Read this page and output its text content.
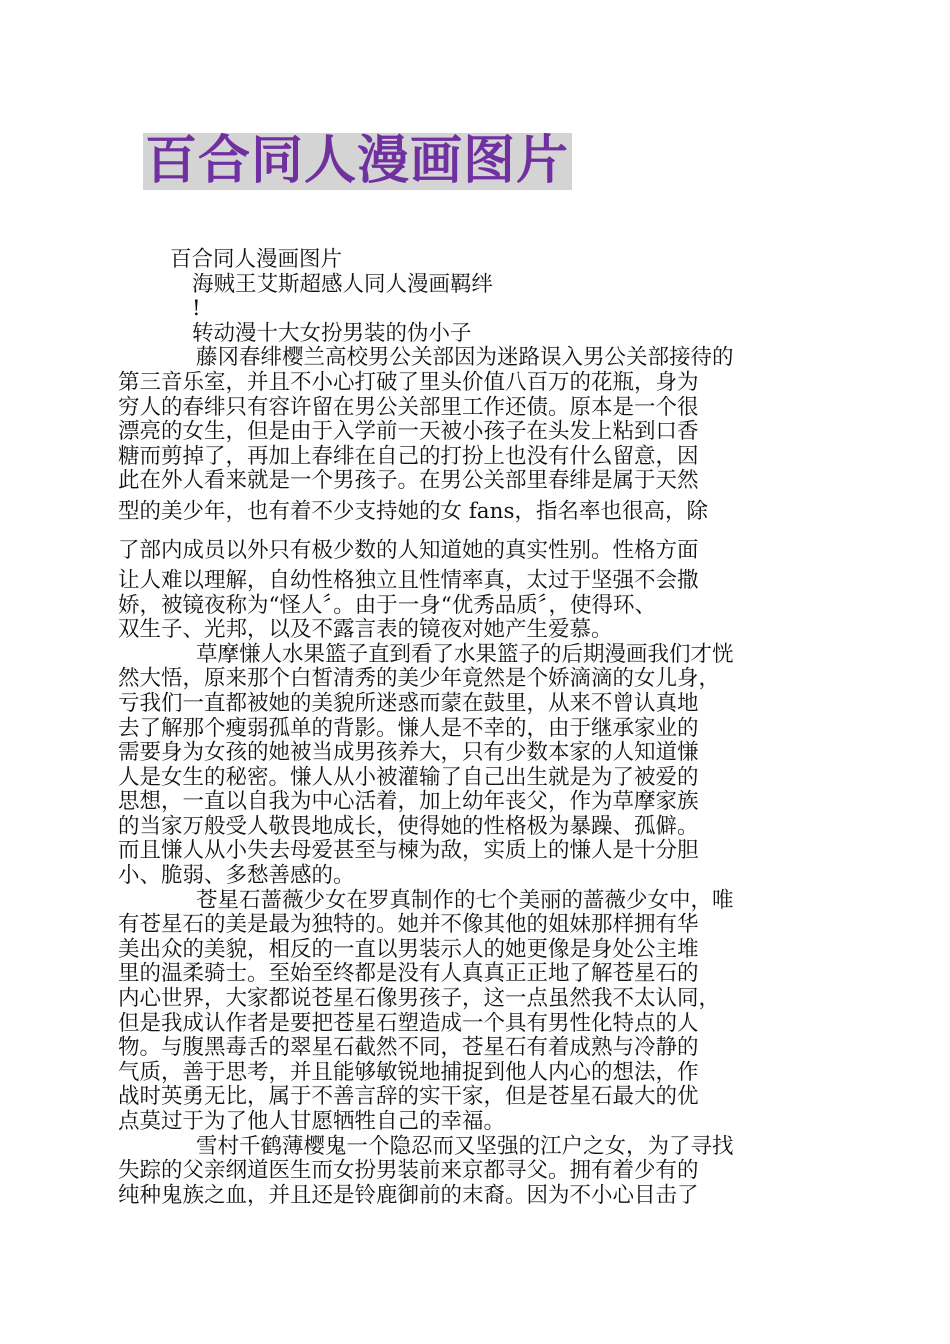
百合同人漫画图片
百合同人漫画图片
海贼王艾斯超感人同人漫画羁绊
!
转动漫十大女扮男装的伪小子
藤冈春绯樱兰高校男公关部因为迷路误入男公关部接待的
第三音乐室，并且不小心打破了里头价值八百万的花瓶，身为
穷人的春绯只有容许留在男公关部里工作还债。原本是一个很
漂亮的女生，但是由于入学前一天被小孩子在头发上粘到口香
糖而剪掉了，再加上春绯在自己的打扮上也没有什么留意，因
此在外人看来就是一个男孩子。在男公关部里春绯是属于天然
型的美少年，也有着不少支持她的女 fans，指名率也很高，除
了部内成员以外只有极少数的人知道她的真实性别。性格方面
让人难以理解，自幼性格独立且性情率真，太过于坚强不会撒
娇，被镜夜称为“怪人〞。由于一身“优秀品质〞，使得环、
双生子、光邦，以及不露言表的镜夜对她产生爱慕。
草摩慊人水果篮子直到看了水果篮子的后期漫画我们才恍
然大悟，原来那个白皙清秀的美少年竟然是个娇滴滴的女儿身，
亏我们一直都被她的美貌所迷惑而蒙在鼓里，从来不曾认真地
去了解那个瘦弱孤单的背影。慊人是不幸的，由于继承家业的
需要身为女孩的她被当成男孩养大，只有少数本家的人知道慊
人是女生的秘密。慊人从小被灌输了自己出生就是为了被爱的
思想，一直以自我为中心活着，加上幼年丧父，作为草摩家族
的当家万般受人敬畏地成长，使得她的性格极为暴躁、孤僻。
而且慊人从小失去母爱甚至与楝为敌，实质上的慊人是十分胆
小、脆弱、多愁善感的。
苍星石蔷薇少女在罗真制作的七个美丽的蔷薇少女中，唯
有苍星石的美是最为独特的。她并不像其他的姐妹那样拥有华
美出众的美貌，相反的一直以男装示人的她更像是身处公主堆
里的温柔骑士。至始至终都是没有人真真正正地了解苍星石的
内心世界，大家都说苍星石像男孩子，这一点虽然我不太认同，
但是我成认作者是要把苍星石塑造成一个具有男性化特点的人
物。与腹黑毒舌的翠星石截然不同，苍星石有着成熟与冷静的
气质，善于思考，并且能够敏锐地捕捉到他人内心的想法，作
战时英勇无比，属于不善言辞的实干家，但是苍星石最大的优
点莫过于为了他人甘愿牺牲自己的幸福。
雪村千鹤薄樱鬼一个隐忍而又坚强的江户之女，为了寻找
失踪的父亲纲道医生而女扮男装前来京都寻父。拥有着少有的
纯种鬼族之血，并且还是铃鹿御前的末裔。因为不小心目击了
